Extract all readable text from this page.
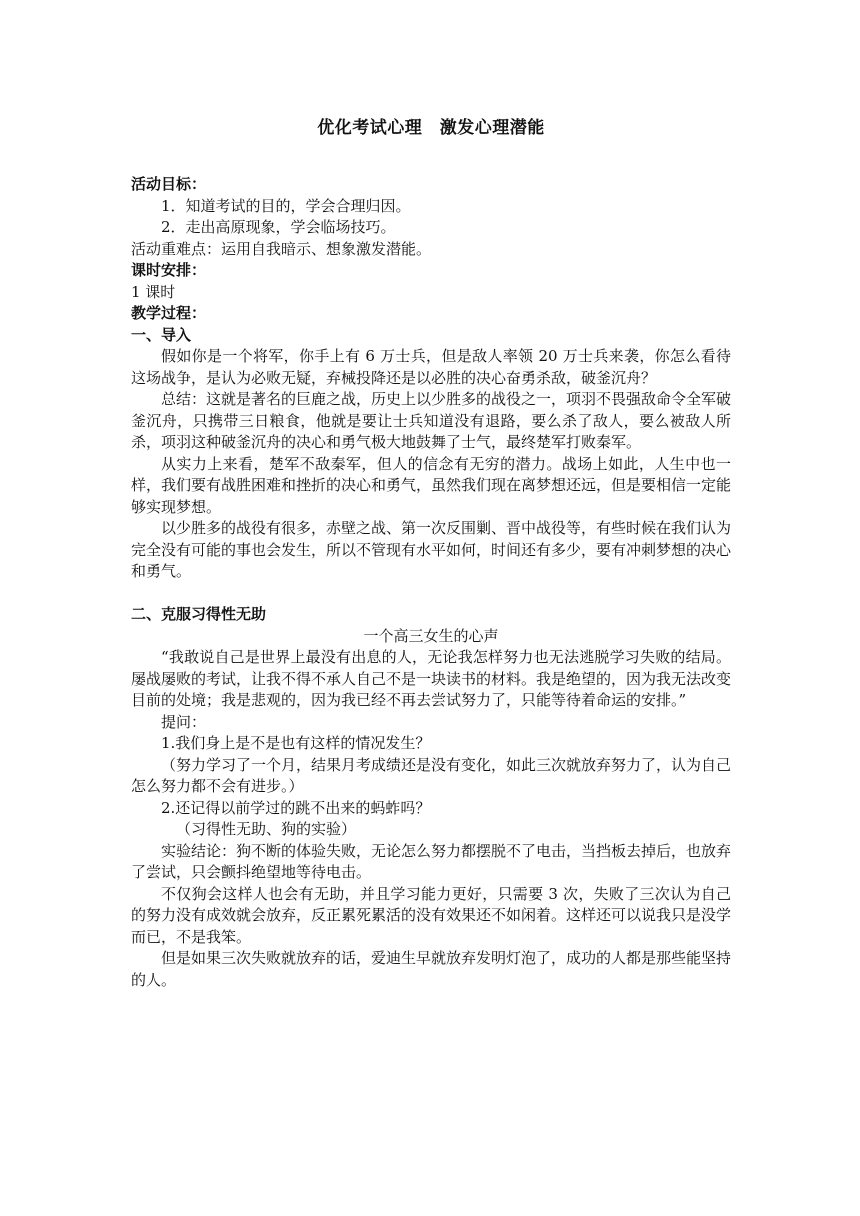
优化考试心理　激发心理潜能

活动目标：

1．知道考试的目的，学会合理归因。

2．走出高原现象，学会临场技巧。

活动重难点：运用自我暗示、想象激发潜能。

课时安排：

1 课时

教学过程：

一、导入

假如你是一个将军，你手上有 6 万士兵，但是敌人率领 20 万士兵来袭，你怎么看待这场战争，是认为必败无疑，弃械投降还是以必胜的决心奋勇杀敌，破釜沉舟？

总结：这就是著名的巨鹿之战，历史上以少胜多的战役之一，项羽不畏强敌命令全军破釜沉舟，只携带三日粮食，他就是要让士兵知道没有退路，要么杀了敌人，要么被敌人所杀，项羽这种破釜沉舟的决心和勇气极大地鼓舞了士气，最终楚军打败秦军。

从实力上来看，楚军不敌秦军，但人的信念有无穷的潜力。战场上如此，人生中也一样，我们要有战胜困难和挫折的决心和勇气，虽然我们现在离梦想还远，但是要相信一定能够实现梦想。

以少胜多的战役有很多，赤壁之战、第一次反围剿、晋中战役等，有些时候在我们认为完全没有可能的事也会发生，所以不管现有水平如何，时间还有多少，要有冲刺梦想的决心和勇气。

二、克服习得性无助

一个高三女生的心声

“我敢说自己是世界上最没有出息的人，无论我怎样努力也无法逃脱学习失败的结局。屡战屡败的考试，让我不得不承人自己不是一块读书的材料。我是绝望的，因为我无法改变目前的处境；我是悲观的，因为我已经不再去尝试努力了，只能等待着命运的安排。”

提问：

1.我们身上是不是也有这样的情况发生？

（努力学习了一个月，结果月考成绩还是没有变化，如此三次就放弃努力了，认为自己怎么努力都不会有进步。）

2.还记得以前学过的跳不出来的蚂蚱吗？

（习得性无助、狗的实验）

实验结论：狗不断的体验失败，无论怎么努力都摆脱不了电击，当挡板去掉后，也放弃了尝试，只会颤抖绝望地等待电击。

不仅狗会这样人也会有无助，并且学习能力更好，只需要 3 次，失败了三次认为自己的努力没有成效就会放弃，反正累死累活的没有效果还不如闲着。这样还可以说我只是没学而已，不是我笨。

但是如果三次失败就放弃的话，爱迪生早就放弃发明灯泡了，成功的人都是那些能坚持的人。
